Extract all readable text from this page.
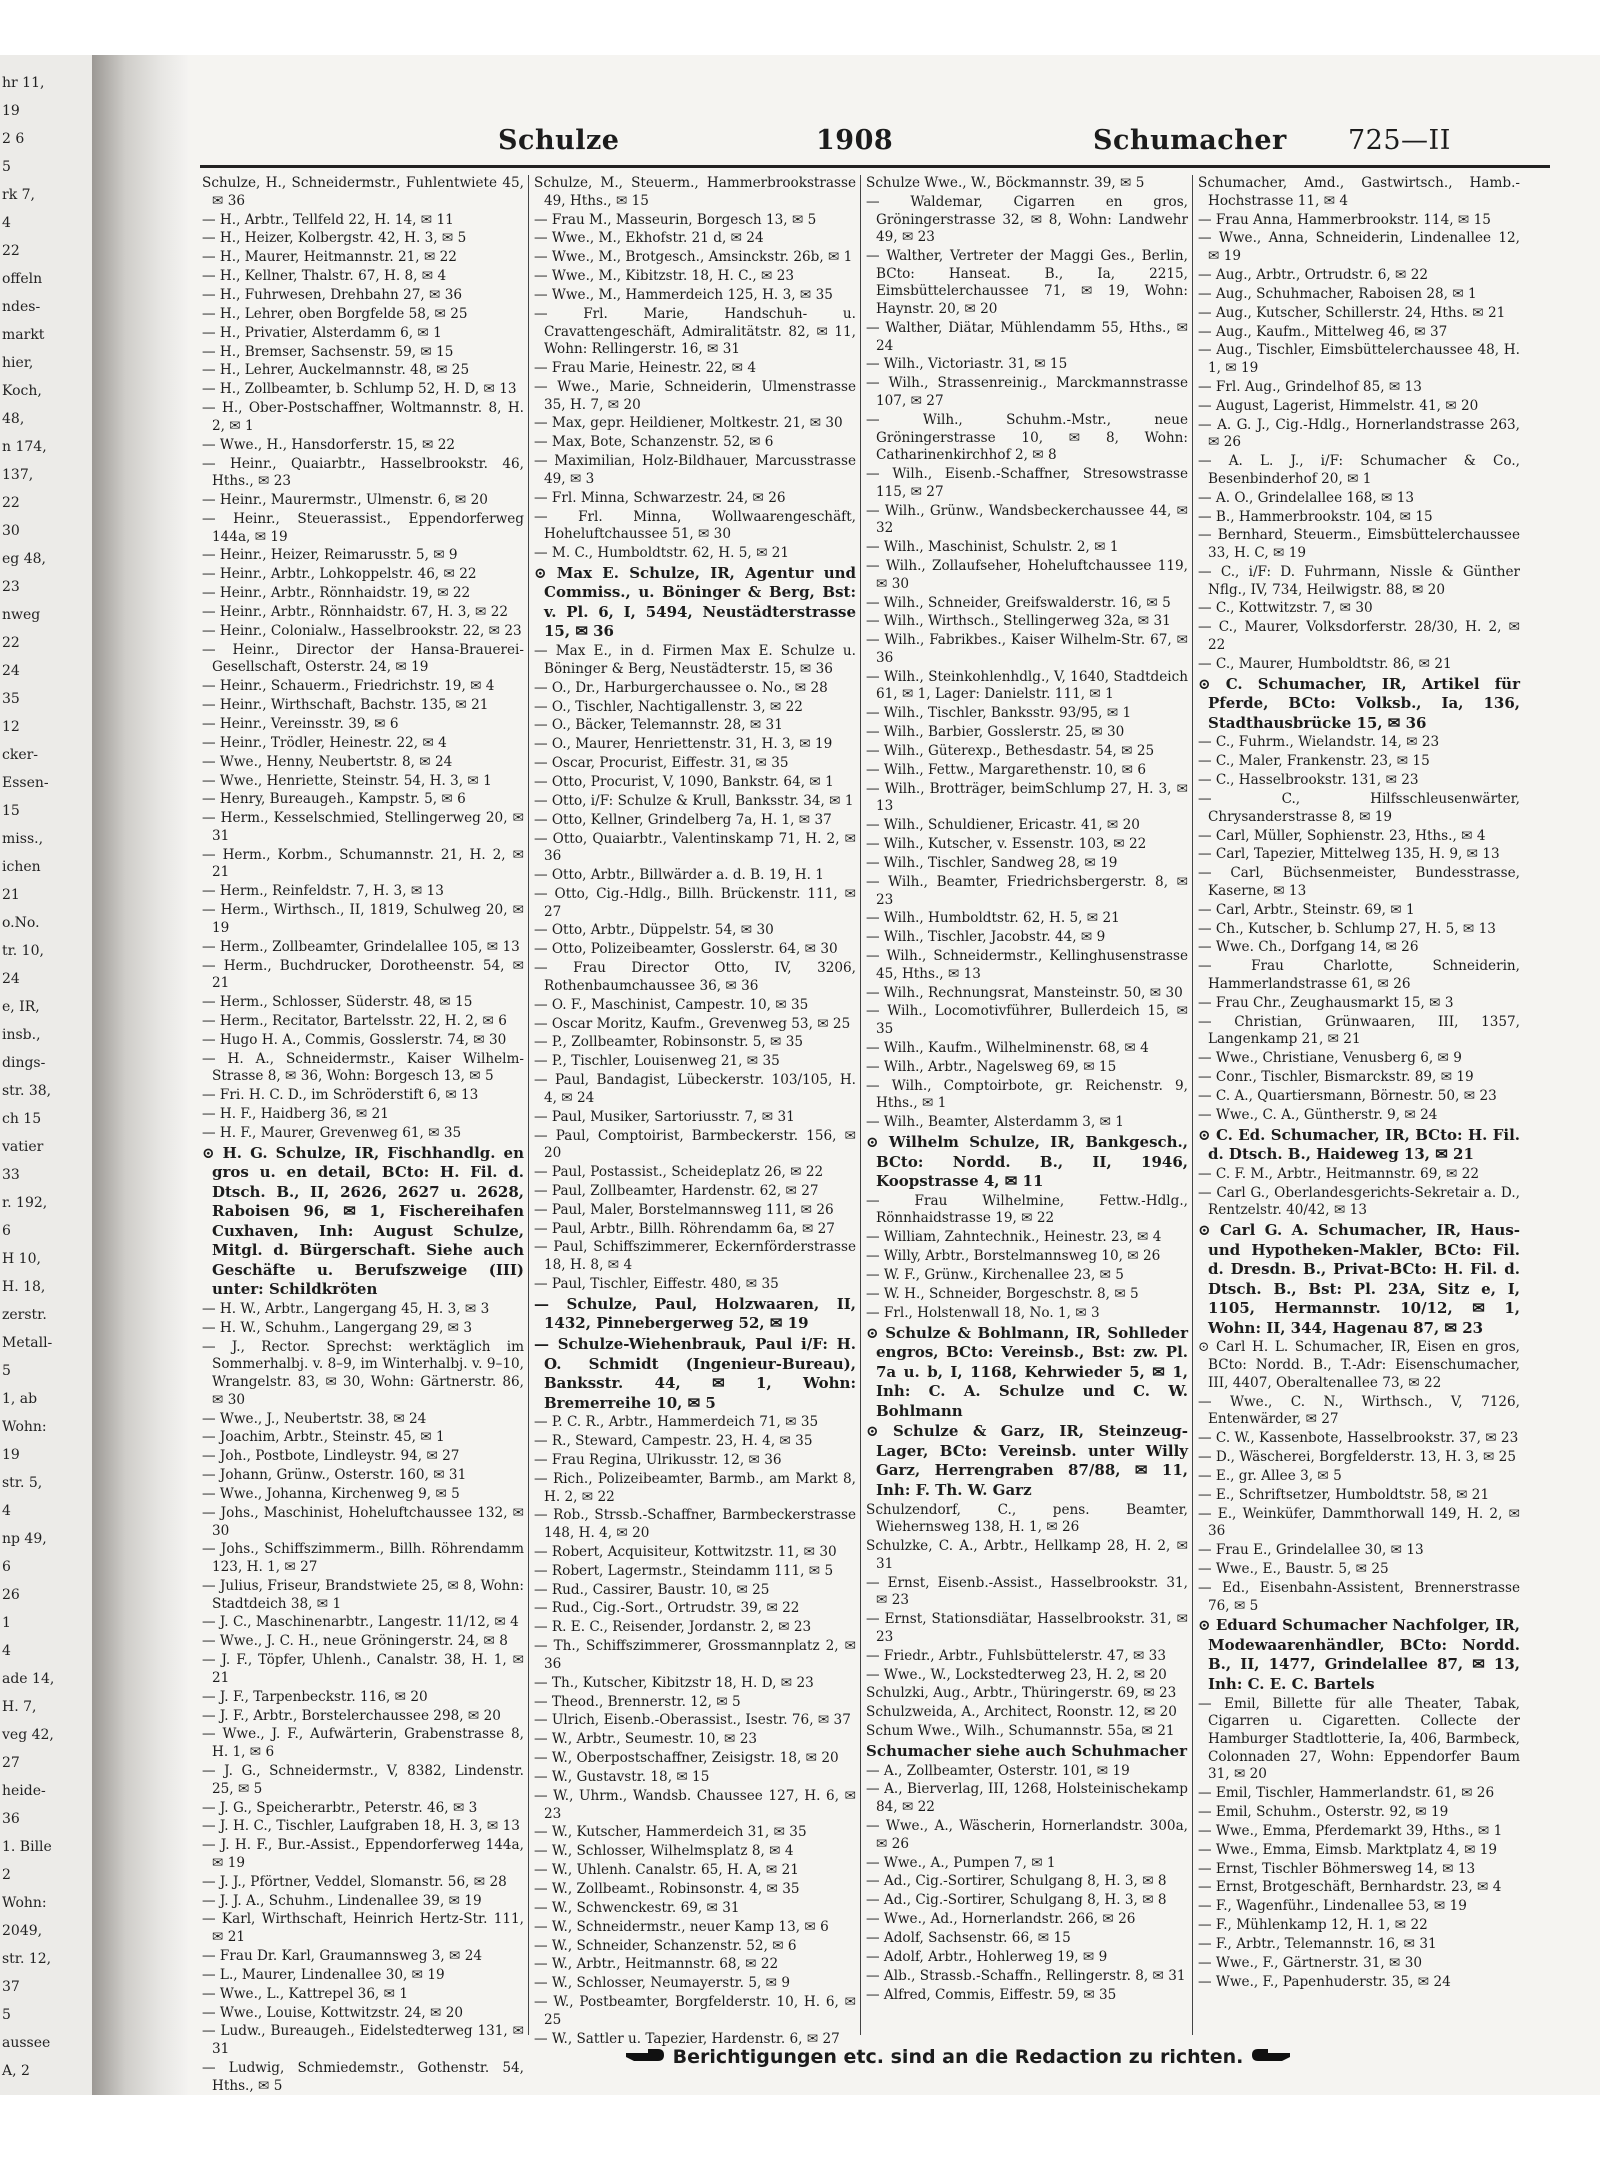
hr 11,
19
2 6
5
rk 7,
4
22
offeln
ndes-
markt
hier,
Koch,
48,
n 174,
137,
22
30
eg 48,
23
nweg
22
24
35
12
cker-
Essen-
15
miss.,
ichen
21
o.No.
tr. 10,
24
e, IR,
insb.,
dings-
str. 38,
ch 15
vatier
33
r. 192,
6
H 10,
H. 18,
zerstr.
Metall-
5
1, ab
Wohn:
19
str. 5,
4
np 49,
6
26
1
4
ade 14,
H. 7,
veg 42,
27
heide-
36
1. Bille
2
Wohn:
2049,
str. 12,
37
5
aussee
A, 2
Schulze	1908	Schumacher 725—II

Schulze, H., Schneidermstr., Fuhlentwiete 45, ✉ 36

— H., Arbtr., Tellfeld 22, H. 14, ✉ 11

— H., Heizer, Kolbergstr. 42, H. 3, ✉ 5

— H., Maurer, Heitmannstr. 21, ✉ 22

— H., Kellner, Thalstr. 67, H. 8, ✉ 4

— H., Fuhrwesen, Drehbahn 27, ✉ 36

— H., Lehrer, oben Borgfelde 58, ✉ 25

— H., Privatier, Alsterdamm 6, ✉ 1

— H., Bremser, Sachsenstr. 59, ✉ 15

— H., Lehrer, Auckelmannstr. 48, ✉ 25

— H., Zollbeamter, b. Schlump 52, H. D, ✉ 13

— H., Ober-Postschaffner, Woltmannstr. 8, H. 2, ✉ 1

— Wwe., H., Hansdorferstr. 15, ✉ 22

— Heinr., Quaiarbtr., Hasselbrookstr. 46, Hths., ✉ 23

— Heinr., Maurermstr., Ulmenstr. 6, ✉ 20

— Heinr., Steuerassist., Eppendorferweg 144a, ✉ 19

— Heinr., Heizer, Reimarusstr. 5, ✉ 9

— Heinr., Arbtr., Lohkoppelstr. 46, ✉ 22

— Heinr., Arbtr., Rönnhaidstr. 19, ✉ 22

— Heinr., Arbtr., Rönnhaidstr. 67, H. 3, ✉ 22

— Heinr., Colonialw., Hasselbrookstr. 22, ✉ 23

— Heinr., Director der Hansa-Brauerei-Gesellschaft, Osterstr. 24, ✉ 19

— Heinr., Schauerm., Friedrichstr. 19, ✉ 4

— Heinr., Wirthschaft, Bachstr. 135, ✉ 21

— Heinr., Vereinsstr. 39, ✉ 6

— Heinr., Trödler, Heinestr. 22, ✉ 4

— Wwe., Henny, Neubertstr. 8, ✉ 24

— Wwe., Henriette, Steinstr. 54, H. 3, ✉ 1

— Henry, Bureaugeh., Kampstr. 5, ✉ 6

— Herm., Kesselschmied, Stellingerweg 20, ✉ 31

— Herm., Korbm., Schumannstr. 21, H. 2, ✉ 21

— Herm., Reinfeldstr. 7, H. 3, ✉ 13

— Herm., Wirthsch., II, 1819, Schulweg 20, ✉ 19

— Herm., Zollbeamter, Grindelallee 105, ✉ 13

— Herm., Buchdrucker, Dorotheenstr. 54, ✉ 21

— Herm., Schlosser, Süderstr. 48, ✉ 15

— Herm., Recitator, Bartelsstr. 22, H. 2, ✉ 6

— Hugo H. A., Commis, Gosslerstr. 74, ✉ 30

— H. A., Schneidermstr., Kaiser Wilhelm-Strasse 8, ✉ 36, Wohn: Borgesch 13, ✉ 5

— Fri. H. C. D., im Schröderstift 6, ✉ 13

— H. F., Haidberg 36, ✉ 21

— H. F., Maurer, Grevenweg 61, ✉ 35

⊙ H. G. Schulze, IR, Fischhandlg. en gros u. en detail, BCto: H. Fil. d. Dtsch. B., II, 2626, 2627 u. 2628, Raboisen 96, ✉ 1, Fischereihafen Cuxhaven, Inh: August Schulze, Mitgl. d. Bürgerschaft. Siehe auch Geschäfte u. Berufszweige (III) unter: Schildkröten

— H. W., Arbtr., Langergang 45, H. 3, ✉ 3

— H. W., Schuhm., Langergang 29, ✉ 3

— J., Rector. Sprechst: werktäglich im Sommerhalbj. v. 8–9, im Winterhalbj. v. 9–10, Wrangelstr. 83, ✉ 30, Wohn: Gärtnerstr. 86, ✉ 30

— Wwe., J., Neubertstr. 38, ✉ 24

— Joachim, Arbtr., Steinstr. 45, ✉ 1

— Joh., Postbote, Lindleystr. 94, ✉ 27

— Johann, Grünw., Osterstr. 160, ✉ 31

— Wwe., Johanna, Kirchenweg 9, ✉ 5

— Johs., Maschinist, Hoheluftchaussee 132, ✉ 30

— Johs., Schiffszimmerm., Billh. Röhrendamm 123, H. 1, ✉ 27

— Julius, Friseur, Brandstwiete 25, ✉ 8, Wohn: Stadtdeich 38, ✉ 1

— J. C., Maschinenarbtr., Langestr. 11/12, ✉ 4

— Wwe., J. C. H., neue Gröningerstr. 24, ✉ 8

— J. F., Töpfer, Uhlenh., Canalstr. 38, H. 1, ✉ 21

— J. F., Tarpenbeckstr. 116, ✉ 20

— J. F., Arbtr., Borstelerchaussee 298, ✉ 20

— Wwe., J. F., Aufwärterin, Grabenstrasse 8, H. 1, ✉ 6

— J. G., Schneidermstr., V, 8382, Lindenstr. 25, ✉ 5

— J. G., Speicherarbtr., Peterstr. 46, ✉ 3

— J. H. C., Tischler, Laufgraben 18, H. 3, ✉ 13

— J. H. F., Bur.-Assist., Eppendorferweg 144a, ✉ 19

— J. J., Pförtner, Veddel, Slomanstr. 56, ✉ 28

— J. J. A., Schuhm., Lindenallee 39, ✉ 19

— Karl, Wirthschaft, Heinrich Hertz-Str. 111, ✉ 21

— Frau Dr. Karl, Graumannsweg 3, ✉ 24

— L., Maurer, Lindenallee 30, ✉ 19

— Wwe., L., Kattrepel 36, ✉ 1

— Wwe., Louise, Kottwitzstr. 24, ✉ 20

— Ludw., Bureaugeh., Eidelstedterweg 131, ✉ 31

— Ludwig, Schmiedemstr., Gothenstr. 54, Hths., ✉ 5

Schulze, M., Steuerm., Hammerbrookstrasse 49, Hths., ✉ 15

— Frau M., Masseurin, Borgesch 13, ✉ 5

— Wwe., M., Ekhofstr. 21 d, ✉ 24

— Wwe., M., Brotgesch., Amsinckstr. 26b, ✉ 1

— Wwe., M., Kibitzstr. 18, H. C., ✉ 23

— Wwe., M., Hammerdeich 125, H. 3, ✉ 35

— Frl. Marie, Handschuh- u. Cravattengeschäft, Admiralitätstr. 82, ✉ 11, Wohn: Rellingerstr. 16, ✉ 31

— Frau Marie, Heinestr. 22, ✉ 4

— Wwe., Marie, Schneiderin, Ulmenstrasse 35, H. 7, ✉ 20

— Max, gepr. Heildiener, Moltkestr. 21, ✉ 30

— Max, Bote, Schanzenstr. 52, ✉ 6

— Maximilian, Holz-Bildhauer, Marcusstrasse 49, ✉ 3

— Frl. Minna, Schwarzestr. 24, ✉ 26

— Frl. Minna, Wollwaarengeschäft, Hoheluftchaussee 51, ✉ 30

— M. C., Humboldtstr. 62, H. 5, ✉ 21

⊙ Max E. Schulze, IR, Agentur und Commiss., u. Böninger & Berg, Bst: v. Pl. 6, I, 5494, Neustädterstrasse 15, ✉ 36

— Max E., in d. Firmen Max E. Schulze u. Böninger & Berg, Neustädterstr. 15, ✉ 36

— O., Dr., Harburgerchaussee o. No., ✉ 28

— O., Tischler, Nachtigallenstr. 3, ✉ 22

— O., Bäcker, Telemannstr. 28, ✉ 31

— O., Maurer, Henriettenstr. 31, H. 3, ✉ 19

— Oscar, Procurist, Eiffestr. 31, ✉ 35

— Otto, Procurist, V, 1090, Bankstr. 64, ✉ 1

— Otto, i/F: Schulze & Krull, Banksstr. 34, ✉ 1

— Otto, Kellner, Grindelberg 7a, H. 1, ✉ 37

— Otto, Quaiarbtr., Valentinskamp 71, H. 2, ✉ 36

— Otto, Arbtr., Billwärder a. d. B. 19, H. 1

— Otto, Cig.-Hdlg., Billh. Brückenstr. 111, ✉ 27

— Otto, Arbtr., Düppelstr. 54, ✉ 30

— Otto, Polizeibeamter, Gosslerstr. 64, ✉ 30

— Frau Director Otto, IV, 3206, Rothenbaumchaussee 36, ✉ 36

— O. F., Maschinist, Campestr. 10, ✉ 35

— Oscar Moritz, Kaufm., Grevenweg 53, ✉ 25

— P., Zollbeamter, Robinsonstr. 5, ✉ 35

— P., Tischler, Louisenweg 21, ✉ 35

— Paul, Bandagist, Lübeckerstr. 103/105, H. 4, ✉ 24

— Paul, Musiker, Sartoriusstr. 7, ✉ 31

— Paul, Comptoirist, Barmbeckerstr. 156, ✉ 20

— Paul, Postassist., Scheideplatz 26, ✉ 22

— Paul, Zollbeamter, Hardenstr. 62, ✉ 27

— Paul, Maler, Borstelmannsweg 111, ✉ 26

— Paul, Arbtr., Billh. Röhrendamm 6a, ✉ 27

— Paul, Schiffszimmerer, Eckernförderstrasse 18, H. 8, ✉ 4

— Paul, Tischler, Eiffestr. 480, ✉ 35

— Schulze, Paul, Holzwaaren, II, 1432, Pinnebergerweg 52, ✉ 19

— Schulze-Wiehenbrauk, Paul i/F: H. O. Schmidt (Ingenieur-Bureau), Banksstr. 44, ✉ 1, Wohn: Bremerreihe 10, ✉ 5

— P. C. R., Arbtr., Hammerdeich 71, ✉ 35

— R., Steward, Campestr. 23, H. 4, ✉ 35

— Frau Regina, Ulrikusstr. 12, ✉ 36

— Rich., Polizeibeamter, Barmb., am Markt 8, H. 2, ✉ 22

— Rob., Strssb.-Schaffner, Barmbeckerstrasse 148, H. 4, ✉ 20

— Robert, Acquisiteur, Kottwitzstr. 11, ✉ 30

— Robert, Lagermstr., Steindamm 111, ✉ 5

— Rud., Cassirer, Baustr. 10, ✉ 25

— Rud., Cig.-Sort., Ortrudstr. 39, ✉ 22

— R. E. C., Reisender, Jordanstr. 2, ✉ 23

— Th., Schiffszimmerer, Grossmannplatz 2, ✉ 36

— Th., Kutscher, Kibitzstr 18, H. D, ✉ 23

— Theod., Brennerstr. 12, ✉ 5

— Ulrich, Eisenb.-Oberassist., Isestr. 76, ✉ 37

— W., Arbtr., Seumestr. 10, ✉ 23

— W., Oberpostschaffner, Zeisigstr. 18, ✉ 20

— W., Gustavstr. 18, ✉ 15

— W., Uhrm., Wandsb. Chaussee 127, H. 6, ✉ 23

— W., Kutscher, Hammerdeich 31, ✉ 35

— W., Schlosser, Wilhelmsplatz 8, ✉ 4

— W., Uhlenh. Canalstr. 65, H. A, ✉ 21

— W., Zollbeamt., Robinsonstr. 4, ✉ 35

— W., Schwenckestr. 69, ✉ 31

— W., Schneidermstr., neuer Kamp 13, ✉ 6

— W., Schneider, Schanzenstr. 52, ✉ 6

— W., Arbtr., Heitmannstr. 68, ✉ 22

— W., Schlosser, Neumayerstr. 5, ✉ 9

— W., Postbeamter, Borgfelderstr. 10, H. 6, ✉ 25

— W., Sattler u. Tapezier, Hardenstr. 6, ✉ 27

Schulze Wwe., W., Böckmannstr. 39, ✉ 5

— Waldemar, Cigarren en gros, Gröningerstrasse 32, ✉ 8, Wohn: Landwehr 49, ✉ 23

— Walther, Vertreter der Maggi Ges., Berlin, BCto: Hanseat. B., Ia, 2215, Eimsbüttelerchaussee 71, ✉ 19, Wohn: Haynstr. 20, ✉ 20

— Walther, Diätar, Mühlendamm 55, Hths., ✉ 24

— Wilh., Victoriastr. 31, ✉ 15

— Wilh., Strassenreinig., Marckmannstrasse 107, ✉ 27

— Wilh., Schuhm.-Mstr., neue Gröningerstrasse 10, ✉ 8, Wohn: Catharinenkirchhof 2, ✉ 8

— Wilh., Eisenb.-Schaffner, Stresowstrasse 115, ✉ 27

— Wilh., Grünw., Wandsbeckerchaussee 44, ✉ 32

— Wilh., Maschinist, Schulstr. 2, ✉ 1

— Wilh., Zollaufseher, Hoheluftchaussee 119, ✉ 30

— Wilh., Schneider, Greifswalderstr. 16, ✉ 5

— Wilh., Wirthsch., Stellingerweg 32a, ✉ 31

— Wilh., Fabrikbes., Kaiser Wilhelm-Str. 67, ✉ 36

— Wilh., Steinkohlenhdlg., V, 1640, Stadtdeich 61, ✉ 1, Lager: Danielstr. 111, ✉ 1

— Wilh., Tischler, Banksstr. 93/95, ✉ 1

— Wilh., Barbier, Gosslerstr. 25, ✉ 30

— Wilh., Güterexp., Bethesdastr. 54, ✉ 25

— Wilh., Fettw., Margarethenstr. 10, ✉ 6

— Wilh., Brotträger, beimSchlump 27, H. 3, ✉ 13

— Wilh., Schuldiener, Ericastr. 41, ✉ 20

— Wilh., Kutscher, v. Essenstr. 103, ✉ 22

— Wilh., Tischler, Sandweg 28, ✉ 19

— Wilh., Beamter, Friedrichsbergerstr. 8, ✉ 23

— Wilh., Humboldtstr. 62, H. 5, ✉ 21

— Wilh., Tischler, Jacobstr. 44, ✉ 9

— Wilh., Schneidermstr., Kellinghusenstrasse 45, Hths., ✉ 13

— Wilh., Rechnungsrat, Mansteinstr. 50, ✉ 30

— Wilh., Locomotivführer, Bullerdeich 15, ✉ 35

— Wilh., Kaufm., Wilhelminenstr. 68, ✉ 4

— Wilh., Arbtr., Nagelsweg 69, ✉ 15

— Wilh., Comptoirbote, gr. Reichenstr. 9, Hths., ✉ 1

— Wilh., Beamter, Alsterdamm 3, ✉ 1

⊙ Wilhelm Schulze, IR, Bankgesch., BCto: Nordd. B., II, 1946, Koopstrasse 4, ✉ 11

— Frau Wilhelmine, Fettw.-Hdlg., Rönnhaidstrasse 19, ✉ 22

— William, Zahntechnik., Heinestr. 23, ✉ 4

— Willy, Arbtr., Borstelmannsweg 10, ✉ 26

— W. F., Grünw., Kirchenallee 23, ✉ 5

— W. H., Schneider, Borgeschstr. 8, ✉ 5

— Frl., Holstenwall 18, No. 1, ✉ 3

⊙ Schulze & Bohlmann, IR, Sohlleder engros, BCto: Vereinsb., Bst: zw. Pl. 7a u. b, I, 1168, Kehrwieder 5, ✉ 1, Inh: C. A. Schulze und C. W. Bohlmann

⊙ Schulze & Garz, IR, Steinzeug-Lager, BCto: Vereinsb. unter Willy Garz, Herrengraben 87/88, ✉ 11, Inh: F. Th. W. Garz

Schulzendorf, C., pens. Beamter, Wiehernsweg 138, H. 1, ✉ 26

Schulzke, C. A., Arbtr., Hellkamp 28, H. 2, ✉ 31

— Ernst, Eisenb.-Assist., Hasselbrookstr. 31, ✉ 23

— Ernst, Stationsdiätar, Hasselbrookstr. 31, ✉ 23

— Friedr., Arbtr., Fuhlsbüttelerstr. 47, ✉ 33

— Wwe., W., Lockstedterweg 23, H. 2, ✉ 20

Schulzki, Aug., Arbtr., Thüringerstr. 69, ✉ 23

Schulzweida, A., Architect, Roonstr. 12, ✉ 20

Schum Wwe., Wilh., Schumannstr. 55a, ✉ 21

Schumacher siehe auch Schuhmacher

— A., Zollbeamter, Osterstr. 101, ✉ 19

— A., Bierverlag, III, 1268, Holsteinischekamp 84, ✉ 22

— Wwe., A., Wäscherin, Hornerlandstr. 300a, ✉ 26

— Wwe., A., Pumpen 7, ✉ 1

— Ad., Cig.-Sortirer, Schulgang 8, H. 3, ✉ 8

— Ad., Cig.-Sortirer, Schulgang 8, H. 3, ✉ 8

— Wwe., Ad., Hornerlandstr. 266, ✉ 26

— Adolf, Sachsenstr. 66, ✉ 15

— Adolf, Arbtr., Hohlerweg 19, ✉ 9

— Alb., Strassb.-Schaffn., Rellingerstr. 8, ✉ 31

— Alfred, Commis, Eiffestr. 59, ✉ 35

Schumacher, Amd., Gastwirtsch., Hamb.-Hochstrasse 11, ✉ 4

— Frau Anna, Hammerbrookstr. 114, ✉ 15

— Wwe., Anna, Schneiderin, Lindenallee 12, ✉ 19

— Aug., Arbtr., Ortrudstr. 6, ✉ 22

— Aug., Schuhmacher, Raboisen 28, ✉ 1

— Aug., Kutscher, Schillerstr. 24, Hths. ✉ 21

— Aug., Kaufm., Mittelweg 46, ✉ 37

— Aug., Tischler, Eimsbüttelerchaussee 48, H. 1, ✉ 19

— Frl. Aug., Grindelhof 85, ✉ 13

— August, Lagerist, Himmelstr. 41, ✉ 20

— A. G. J., Cig.-Hdlg., Hornerlandstrasse 263, ✉ 26

— A. L. J., i/F: Schumacher & Co., Besenbinderhof 20, ✉ 1

— A. O., Grindelallee 168, ✉ 13

— B., Hammerbrookstr. 104, ✉ 15

— Bernhard, Steuerm., Eimsbüttelerchaussee 33, H. C, ✉ 19

— C., i/F: D. Fuhrmann, Nissle & Günther Nflg., IV, 734, Heilwigstr. 88, ✉ 20

— C., Kottwitzstr. 7, ✉ 30

— C., Maurer, Volksdorferstr. 28/30, H. 2, ✉ 22

— C., Maurer, Humboldtstr. 86, ✉ 21

⊙ C. Schumacher, IR, Artikel für Pferde, BCto: Volksb., Ia, 136, Stadthausbrücke 15, ✉ 36

— C., Fuhrm., Wielandstr. 14, ✉ 23

— C., Maler, Frankenstr. 23, ✉ 15

— C., Hasselbrookstr. 131, ✉ 23

— C., Hilfsschleusenwärter, Chrysanderstrasse 8, ✉ 19

— Carl, Müller, Sophienstr. 23, Hths., ✉ 4

— Carl, Tapezier, Mittelweg 135, H. 9, ✉ 13

— Carl, Büchsenmeister, Bundesstrasse, Kaserne, ✉ 13

— Carl, Arbtr., Steinstr. 69, ✉ 1

— Ch., Kutscher, b. Schlump 27, H. 5, ✉ 13

— Wwe. Ch., Dorfgang 14, ✉ 26

— Frau Charlotte, Schneiderin, Hammerlandstrasse 61, ✉ 26

— Frau Chr., Zeughausmarkt 15, ✉ 3

— Christian, Grünwaaren, III, 1357, Langenkamp 21, ✉ 21

— Wwe., Christiane, Venusberg 6, ✉ 9

— Conr., Tischler, Bismarckstr. 89, ✉ 19

— C. A., Quartiersmann, Börnestr. 50, ✉ 23

— Wwe., C. A., Güntherstr. 9, ✉ 24

⊙ C. Ed. Schumacher, IR, BCto: H. Fil. d. Dtsch. B., Haideweg 13, ✉ 21

— C. F. M., Arbtr., Heitmannstr. 69, ✉ 22

— Carl G., Oberlandesgerichts-Sekretair a. D., Rentzelstr. 40/42, ✉ 13

⊙ Carl G. A. Schumacher, IR, Haus- und Hypotheken-Makler, BCto: Fil. d. Dresdn. B., Privat-BCto: H. Fil. d. Dtsch. B., Bst: Pl. 23A, Sitz e, I, 1105, Hermannstr. 10/12, ✉ 1, Wohn: II, 344, Hagenau 87, ✉ 23

⊙ Carl H. L. Schumacher, IR, Eisen en gros, BCto: Nordd. B., T.-Adr: Eisenschumacher, III, 4407, Oberaltenallee 73, ✉ 22

— Wwe., C. N., Wirthsch., V, 7126, Entenwärder, ✉ 27

— C. W., Kassenbote, Hasselbrookstr. 37, ✉ 23

— D., Wäscherei, Borgfelderstr. 13, H. 3, ✉ 25

— E., gr. Allee 3, ✉ 5

— E., Schriftsetzer, Humboldtstr. 58, ✉ 21

— E., Weinküfer, Dammthorwall 149, H. 2, ✉ 36

— Frau E., Grindelallee 30, ✉ 13

— Wwe., E., Baustr. 5, ✉ 25

— Ed., Eisenbahn-Assistent, Brennerstrasse 76, ✉ 5

⊙ Eduard Schumacher Nachfolger, IR, Modewaarenhändler, BCto: Nordd. B., II, 1477, Grindelallee 87, ✉ 13, Inh: C. E. C. Bartels

— Emil, Billette für alle Theater, Tabak, Cigarren u. Cigaretten. Collecte der Hamburger Stadtlotterie, Ia, 406, Barmbeck, Colonnaden 27, Wohn: Eppendorfer Baum 31, ✉ 20

— Emil, Tischler, Hammerlandstr. 61, ✉ 26

— Emil, Schuhm., Osterstr. 92, ✉ 19

— Wwe., Emma, Pferdemarkt 39, Hths., ✉ 1

— Wwe., Emma, Eimsb. Marktplatz 4, ✉ 19

— Ernst, Tischler Böhmersweg 14, ✉ 13

— Ernst, Brotgeschäft, Bernhardstr. 23, ✉ 4

— F., Wagenführ., Lindenallee 53, ✉ 19

— F., Mühlenkamp 12, H. 1, ✉ 22

— F., Arbtr., Telemannstr. 16, ✉ 31

— Wwe., F., Gärtnerstr. 31, ✉ 30

— Wwe., F., Papenhuderstr. 35, ✉ 24

Berichtigungen etc. sind an die Redaction zu richten.
